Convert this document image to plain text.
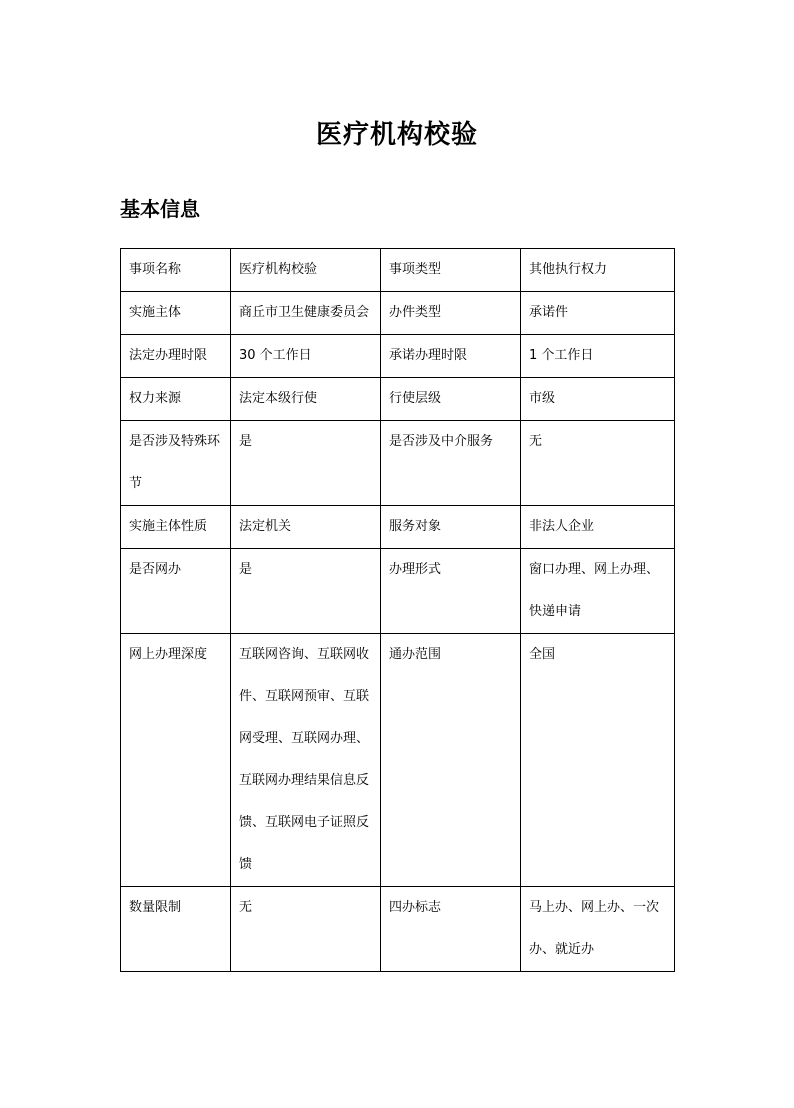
医疗机构校验
基本信息
事项名称	医疗机构校验	事项类型	其他执行权力
实施主体	商丘市卫生健康委员会	办件类型	承诺件
法定办理时限	30 个工作日	承诺办理时限	1 个工作日
权力来源	法定本级行使	行使层级	市级
是否涉及特殊环节	是	是否涉及中介服务	无
实施主体性质	法定机关	服务对象	非法人企业
是否网办	是	办理形式	窗口办理、网上办理、快递申请
网上办理深度	互联网咨询、互联网收件、互联网预审、互联网受理、互联网办理、互联网办理结果信息反馈、互联网电子证照反馈	通办范围	全国
数量限制	无	四办标志	马上办、网上办、一次办、就近办
